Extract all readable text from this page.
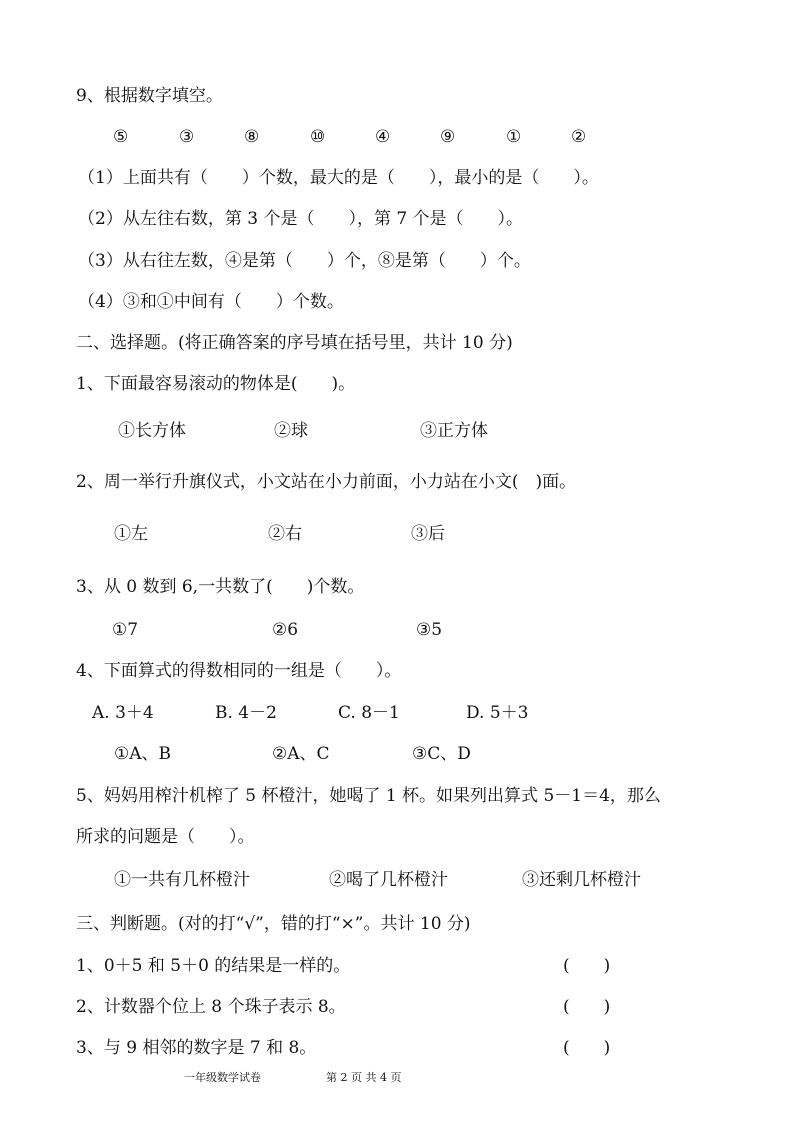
9、根据数字填空。
⑤	③	⑧	⑩	④	⑨	①	②
（1）上面共有（　　）个数，最大的是（　　），最小的是（　　）。
（2）从左往右数，第 3 个是（　　），第 7 个是（　　）。
（3）从右往左数，④是第（　　）个，⑧是第（　　）个。
（4）③和①中间有（　　）个数。
二、选择题。(将正确答案的序号填在括号里，共计 10 分)
1、下面最容易滚动的物体是(　　)。
①长方体	②球	③正方体
2、周一举行升旗仪式，小文站在小力前面，小力站在小文(　)面。
①左	②右	③后
3、从 0 数到 6,一共数了(　　)个数。
①7	②6	③5
4、下面算式的得数相同的一组是（　　）。
A. 3＋4	B. 4－2	C. 8－1	D. 5＋3
①A、B	②A、C	③C、D
5、妈妈用榨汁机榨了 5 杯橙汁，她喝了 1 杯。如果列出算式 5－1＝4，那么
所求的问题是（　　）。
①一共有几杯橙汁	②喝了几杯橙汁	③还剩几杯橙汁
三、判断题。(对的打“√”，错的打“×”。共计 10 分)
1、0＋5 和 5＋0 的结果是一样的。	(　　)
2、计数器个位上 8 个珠子表示 8。	(　　)
3、与 9 相邻的数字是 7 和 8。	(　　)
一年级数学试卷	第 2 页 共 4 页
